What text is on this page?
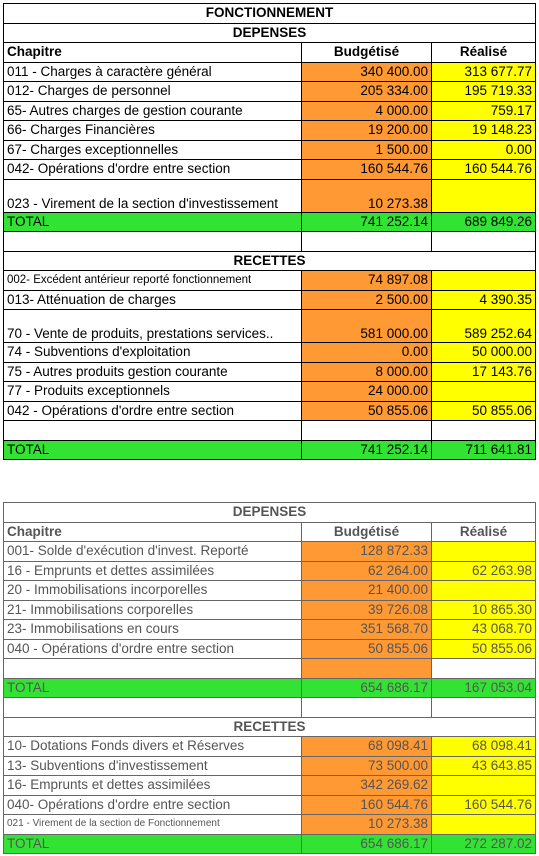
FONCTIONNEMENT		
DEPENSES		
Chapitre	Budgétisé	Réalisé
011 - Charges à caractère général	340 400.00	313 677.77
012- Charges de personnel	205 334.00	195 719.33
65- Autres charges de gestion courante	4 000.00	759.17
66- Charges Financières	19 200.00	19 148.23
67- Charges exceptionnelles	1 500.00	0.00
042- Opérations d'ordre entre section	160 544.76	160 544.76
023 - Virement de la section d'investissement	10 273.38	
TOTAL	741 252.14	689 849.26

RECETTES		
002- Excédent antérieur reporté fonctionnement	74 897.08	
013- Atténuation de charges	2 500.00	4 390.35
70 - Vente de produits, prestations services..	581 000.00	589 252.64
74 - Subventions d'exploitation	0.00	50 000.00
75 - Autres produits gestion courante	8 000.00	17 143.76
77 - Produits exceptionnels	24 000.00	
042 - Opérations d'ordre entre section	50 855.06	50 855.06

TOTAL	741 252.14	711 641.81
DEPENSES		
Chapitre	Budgétisé	Réalisé
001- Solde d'exécution d'invest. Reporté	128 872.33	
16 - Emprunts et dettes assimilées	62 264.00	62 263.98
20 - Immobilisations incorporelles	21 400.00	
21- Immobilisations corporelles	39 726.08	10 865.30
23- Immobilisations en cours	351 568.70	43 068.70
040 - Opérations d'ordre entre section	50 855.06	50 855.06

TOTAL	654 686.17	167 053.04

RECETTES		
10- Dotations Fonds divers et Réserves	68 098.41	68 098.41
13- Subventions d'investissement	73 500.00	43 643.85
16- Emprunts et dettes assimilées	342 269.62	
040- Opérations d'ordre entre section	160 544.76	160 544.76
021 - Virement de la section de Fonctionnement	10 273.38	
TOTAL	654 686.17	272 287.02
